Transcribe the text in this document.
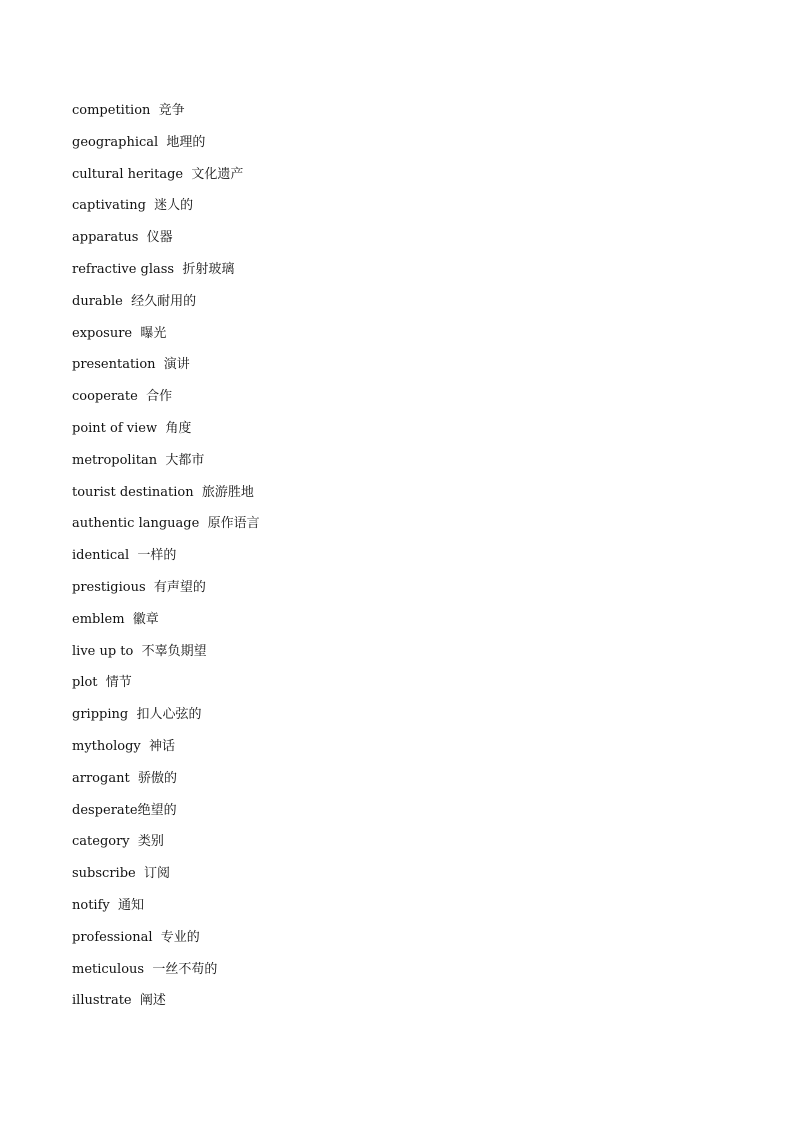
competition  竞争
geographical  地理的
cultural heritage  文化遗产
captivating  迷人的
apparatus  仪器
refractive glass  折射玻璃
durable  经久耐用的
exposure  曝光
presentation  演讲
cooperate  合作
point of view  角度
metropolitan  大都市
tourist destination  旅游胜地
authentic language  原作语言
identical  一样的
prestigious  有声望的
emblem  徽章
live up to  不辜负期望
plot  情节
gripping  扣人心弦的
mythology  神话
arrogant  骄傲的
desperate绝望的
category  类别
subscribe  订阅
notify  通知
professional  专业的
meticulous  一丝不苟的
illustrate  阐述
